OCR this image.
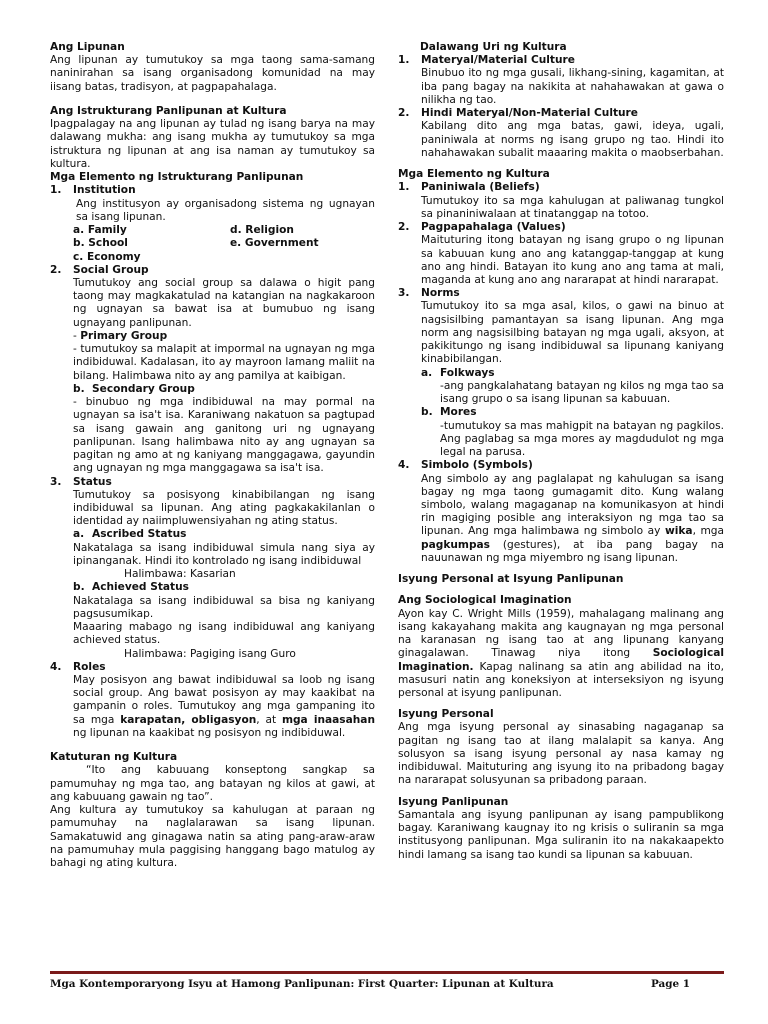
Ang Lipunan

Ang lipunan ay tumutukoy sa mga taong sama-samang naninirahan sa isang organisadong komunidad na may iisang batas, tradisyon, at pagpapahalaga.

Ang Istrukturang Panlipunan at Kultura

Ipagpalagay na ang lipunan ay tulad ng isang barya na may dalawang mukha: ang isang mukha ay tumutukoy sa mga istruktura ng lipunan at ang isa naman ay tumutukoy sa kultura.

Mga Elemento ng Istrukturang Panlipunan
1.	Institution

Ang institusyon ay organisadong sistema ng ugnayan sa isang lipunan.

a. Family	d. Religion
b. School	e. Government
c. Economy
2.	Social Group

Tumutukoy ang social group sa dalawa o higit pang taong may magkakatulad na katangian na nagkakaroon ng ugnayan sa bawat isa at bumubuo ng isang ugnayang panlipunan.

- Primary Group

- tumutukoy sa malapit at impormal na ugnayan ng mga indibiduwal. Kadalasan, ito ay mayroon lamang maliit na bilang. Halimbawa nito ay ang pamilya at kaibigan.

b. Secondary Group

- binubuo ng mga indibiduwal na may pormal na ugnayan sa isa't isa. Karaniwang nakatuon sa pagtupad sa isang gawain ang ganitong uri ng ugnayang panlipunan. Isang halimbawa nito ay ang ugnayan sa pagitan ng amo at ng kaniyang manggagawa, gayundin ang ugnayan ng mga manggagawa sa isa't isa.

3.	Status

Tumutukoy sa posisyong kinabibilangan ng isang indibiduwal sa lipunan. Ang ating pagkakakilanlan o identidad ay naiimpluwensiyahan ng ating status.

a. Ascribed Status

Nakatalaga sa isang indibiduwal simula nang siya ay ipinanganak. Hindi ito kontrolado ng isang indibiduwal

Halimbawa: Kasarian
b. Achieved Status

Nakatalaga sa isang indibiduwal sa bisa ng kaniyang pagsusumikap.

Maaaring mabago ng isang indibiduwal ang kaniyang achieved status.

Halimbawa: Pagiging isang Guro
4.	Roles

May posisyon ang bawat indibiduwal sa loob ng isang social group. Ang bawat posisyon ay may kaakibat na gampanin o roles. Tumutukoy ang mga gampaning ito sa mga karapatan, obligasyon, at mga inaasahan ng lipunan na kaakibat ng posisyon ng indibiduwal.

Katuturan ng Kultura

“Ito ang kabuuang konseptong sangkap sa pamumuhay ng mga tao, ang batayan ng kilos at gawi, at ang kabuuang gawain ng tao”.

Ang kultura ay tumutukoy sa kahulugan at paraan ng pamumuhay na naglalarawan sa isang lipunan. Samakatuwid ang ginagawa natin sa ating pang-araw-araw na pamumuhay mula paggising hanggang bago matulog ay bahagi ng ating kultura.

Dalawang Uri ng Kultura
1.	Materyal/Material Culture

Binubuo ito ng mga gusali, likhang-sining, kagamitan, at iba pang bagay na nakikita at nahahawakan at gawa o nilikha ng tao.

2.	Hindi Materyal/Non-Material Culture

Kabilang dito ang mga batas, gawi, ideya, ugali, paniniwala at norms ng isang grupo ng tao. Hindi ito nahahawakan subalit maaaring makita o maobserbahan.

Mga Elemento ng Kultura
1.	Paniniwala (Beliefs)

Tumutukoy ito sa mga kahulugan at paliwanag tungkol sa pinaniniwalaan at tinatanggap na totoo.

2.	Pagpapahalaga (Values)

Maituturing itong batayan ng isang grupo o ng lipunan sa kabuuan kung ano ang katanggap-tanggap at kung ano ang hindi. Batayan ito kung ano ang tama at mali, maganda at kung ano ang nararapat at hindi nararapat.

3.	Norms

Tumutukoy ito sa mga asal, kilos, o gawi na binuo at nagsisilbing pamantayan sa isang lipunan. Ang mga norm ang nagsisilbing batayan ng mga ugali, aksyon, at pakikitungo ng isang indibiduwal sa lipunang kaniyang kinabibilangan.

a. Folkways

-ang pangkalahatang batayan ng kilos ng mga tao sa isang grupo o sa isang lipunan sa kabuuan.

b. Mores

-tumutukoy sa mas mahigpit na batayan ng pagkilos. Ang paglabag sa mga mores ay magdudulot ng mga legal na parusa.

4.	Simbolo (Symbols)

Ang simbolo ay ang paglalapat ng kahulugan sa isang bagay ng mga taong gumagamit dito. Kung walang simbolo, walang magaganap na komunikasyon at hindi rin magiging posible ang interaksiyon ng mga tao sa lipunan. Ang mga halimbawa ng simbolo ay wika, mga pagkumpas (gestures), at iba pang bagay na nauunawan ng mga miyembro ng isang lipunan.

Isyung Personal at Isyung Panlipunan
Ang Sociological Imagination

Ayon kay C. Wright Mills (1959), mahalagang malinang ang isang kakayahang makita ang kaugnayan ng mga personal na karanasan ng isang tao at ang lipunang kanyang ginagalawan. Tinawag niya itong Sociological Imagination. Kapag nalinang sa atin ang abilidad na ito, masusuri natin ang koneksiyon at interseksiyon ng isyung personal at isyung panlipunan.

Isyung Personal

Ang mga isyung personal ay sinasabing nagaganap sa pagitan ng isang tao at ilang malalapit sa kanya. Ang solusyon sa isang isyung personal ay nasa kamay ng indibiduwal. Maituturing ang isyung ito na pribadong bagay na nararapat solusyunan sa pribadong paraan.

Isyung Panlipunan

Samantala ang isyung panlipunan ay isang pampublikong bagay. Karaniwang kaugnay ito ng krisis o suliranin sa mga institusyong panlipunan. Mga suliranin ito na nakakaapekto hindi lamang sa isang tao kundi sa lipunan sa kabuuan.

Mga Kontemporaryong Isyu at Hamong Panlipunan: First Quarter: Lipunan at Kultura	Page 1
